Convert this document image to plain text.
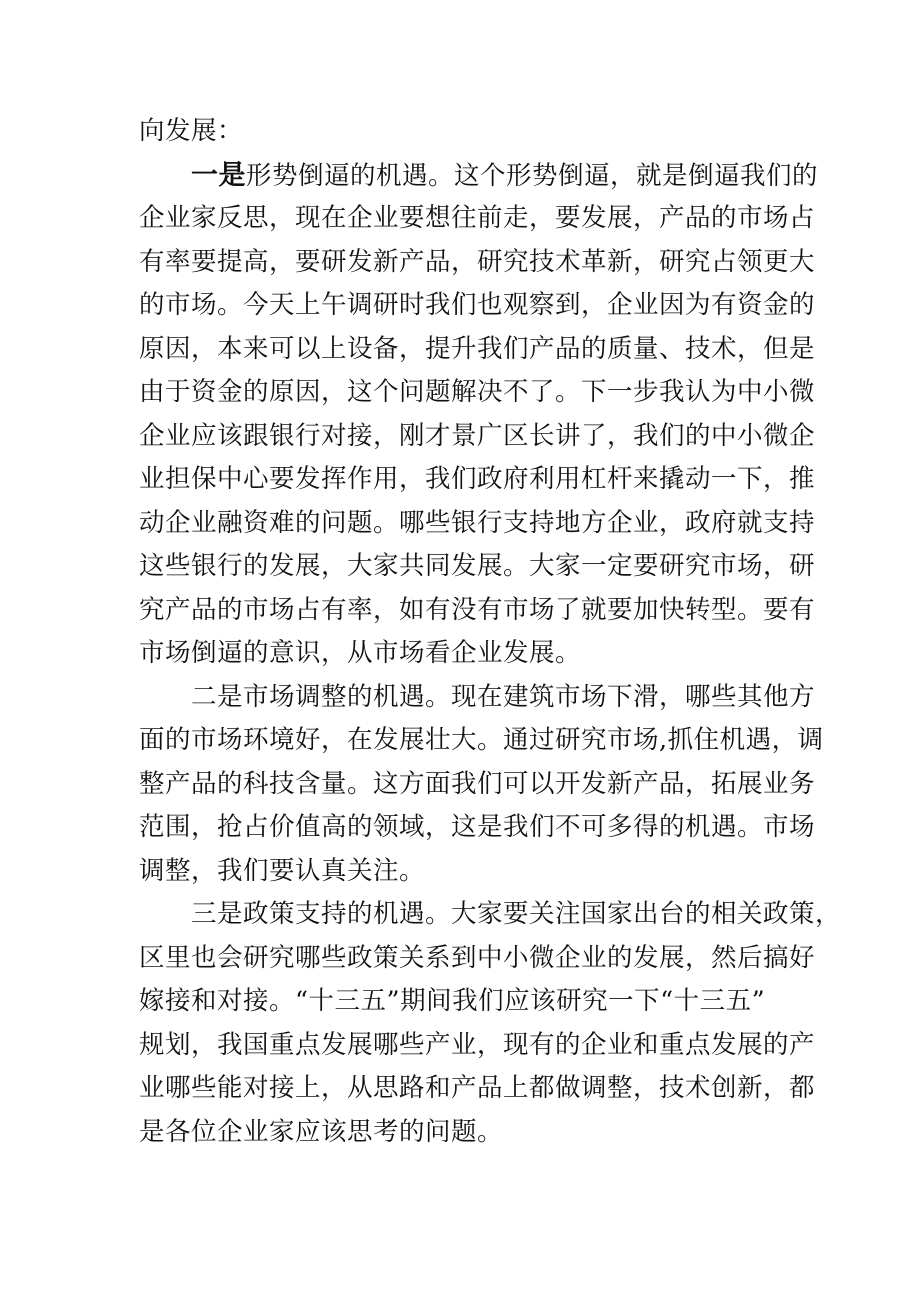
向发展：
一是形势倒逼的机遇。这个形势倒逼，就是倒逼我们的
企业家反思，现在企业要想往前走，要发展，产品的市场占
有率要提高，要研发新产品，研究技术革新，研究占领更大
的市场。今天上午调研时我们也观察到，企业因为有资金的
原因，本来可以上设备，提升我们产品的质量、技术，但是
由于资金的原因，这个问题解决不了。下一步我认为中小微
企业应该跟银行对接，刚才景广区长讲了，我们的中小微企
业担保中心要发挥作用，我们政府利用杠杆来撬动一下，推
动企业融资难的问题。哪些银行支持地方企业，政府就支持
这些银行的发展，大家共同发展。大家一定要研究市场，研
究产品的市场占有率，如有没有市场了就要加快转型。要有
市场倒逼的意识，从市场看企业发展。
二是市场调整的机遇。现在建筑市场下滑，哪些其他方
面的市场环境好，在发展壮大。通过研究市场,抓住机遇，调
整产品的科技含量。这方面我们可以开发新产品，拓展业务
范围，抢占价值高的领域，这是我们不可多得的机遇。市场
调整，我们要认真关注。
三是政策支持的机遇。大家要关注国家出台的相关政策，
区里也会研究哪些政策关系到中小微企业的发展，然后搞好
嫁接和对接。“十三五”期间我们应该研究一下“十三五”
规划，我国重点发展哪些产业，现有的企业和重点发展的产
业哪些能对接上，从思路和产品上都做调整，技术创新，都
是各位企业家应该思考的问题。
